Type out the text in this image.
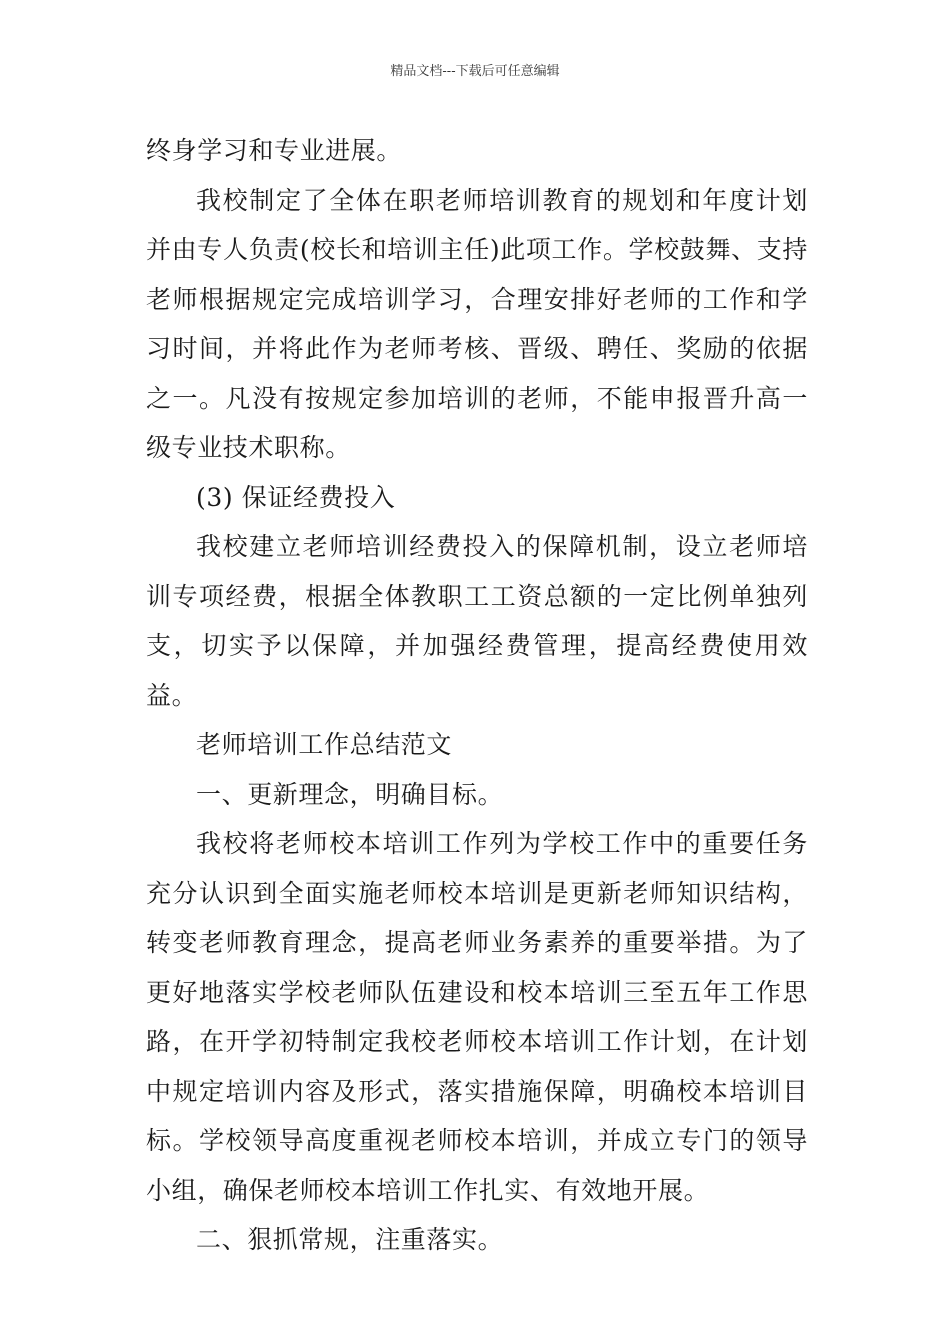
精品文档---下载后可任意编辑

终身学习和专业进展。

我校制定了全体在职老师培训教育的规划和年度计划并由专人负责(校长和培训主任)此项工作。学校鼓舞、支持老师根据规定完成培训学习，合理安排好老师的工作和学习时间，并将此作为老师考核、晋级、聘任、奖励的依据之一。凡没有按规定参加培训的老师，不能申报晋升高一级专业技术职称。

(3) 保证经费投入

我校建立老师培训经费投入的保障机制，设立老师培训专项经费，根据全体教职工工资总额的一定比例单独列支，切实予以保障，并加强经费管理，提高经费使用效益。

老师培训工作总结范文

一、更新理念，明确目标。

我校将老师校本培训工作列为学校工作中的重要任务充分认识到全面实施老师校本培训是更新老师知识结构，转变老师教育理念，提高老师业务素养的重要举措。为了更好地落实学校老师队伍建设和校本培训三至五年工作思路，在开学初特制定我校老师校本培训工作计划，在计划中规定培训内容及形式，落实措施保障，明确校本培训目标。学校领导高度重视老师校本培训，并成立专门的领导小组，确保老师校本培训工作扎实、有效地开展。

二、狠抓常规，注重落实。
